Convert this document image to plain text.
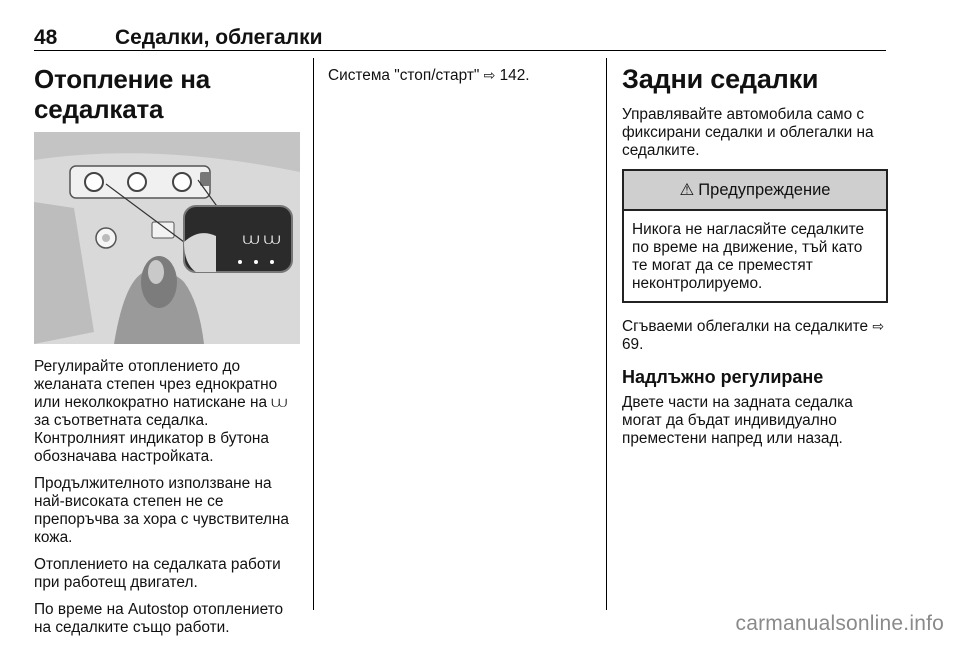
48	Седалки, облегалки
Отопление на седалката
⩊ ⩊

Регулирайте отоплението до желаната степен чрез еднократно или неколкократно натискане на ⩊ за съответната седалка. Контролният индикатор в бутона обозначава настройката.

Продължителното използване на най-високата степен не се препоръчва за хора с чувствителна кожа.

Отоплението на седалката работи при работещ двигател.

По време на Autostop отоплението на седалките също работи.

Система "стоп/старт" ⇨ 142.	Задни седалки

Управлявайте автомобила само с фиксирани седалки и облегалки на седалките.

⚠ Предупреждение
Никога не нагласяйте седалките по време на движение, тъй като те могат да се преместят неконтролируемо.

Сгъваеми облегалки на седалките ⇨ 69.

Надлъжно регулиране

Двете части на задната седалка могат да бъдат индивидуално преместени напред или назад.

carmanualsonline.info
